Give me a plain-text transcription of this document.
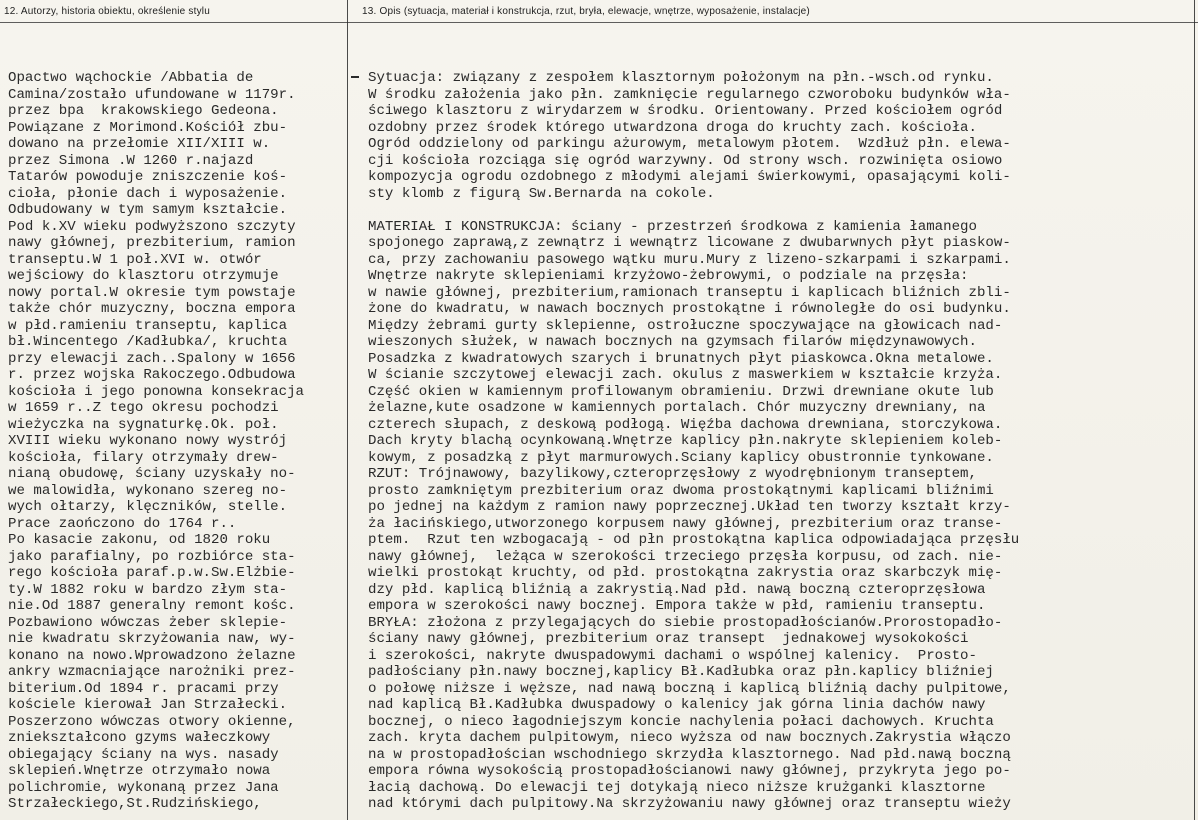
12. Autorzy, historia obiektu, określenie stylu	13. Opis (sytuacja, materiał i konstrukcja, rzut, bryła, elewacje, wnętrze, wyposażenie, instalacje)
Opactwo wąchockie /Abbatia de
Camina/zostało ufundowane w 1179r.
przez bpa  krakowskiego Gedeona.
Powiązane z Morimond.Kościół zbu-
dowano na przełomie XII/XIII w.
przez Simona .W 1260 r.najazd
Tatarów powoduje zniszczenie koś-
cioła, płonie dach i wyposażenie.
Odbudowany w tym samym kształcie.
Pod k.XV wieku podwyższono szczyty
nawy głównej, prezbiterium, ramion
transeptu.W 1 poł.XVI w. otwór
wejściowy do klasztoru otrzymuje
nowy portal.W okresie tym powstaje
także chór muzyczny, boczna empora
w płd.ramieniu transeptu, kaplica
bł.Wincentego /Kadłubka/, kruchta
przy elewacji zach..Spalony w 1656
r. przez wojska Rakoczego.Odbudowa
kościoła i jego ponowna konsekracja
w 1659 r..Z tego okresu pochodzi
wieżyczka na sygnaturkę.Ok. poł.
XVIII wieku wykonano nowy wystrój
kościoła, filary otrzymały drew-
nianą obudowę, ściany uzyskały no-
we malowidła, wykonano szereg no-
wych ołtarzy, klęczników, stelle.
Prace zaończono do 1764 r..
Po kasacie zakonu, od 1820 roku
jako parafialny, po rozbiórce sta-
rego kościoła paraf.p.w.Sw.Elżbie-
ty.W 1882 roku w bardzo złym sta-
nie.Od 1887 generalny remont kośc.
Pozbawiono wówczas żeber sklepie-
nie kwadratu skrzyżowania naw, wy-
konano na nowo.Wprowadzono żelazne
ankry wzmacniające narożniki prez-
biterium.Od 1894 r. pracami przy
kościele kierował Jan Strzałecki.
Poszerzono wówczas otwory okienne,
zniekształcono gzyms wałeczkowy
obiegający ściany na wys. nasady
sklepień.Wnętrze otrzymało nowa
polichromie, wykonaną przez Jana
Strzałeckiego,St.Rudzińskiego,
Sytuacja: związany z zespołem klasztornym położonym na płn.-wsch.od rynku.
W środku założenia jako płn. zamknięcie regularnego czworoboku budynków wła-
ściwego klasztoru z wirydarzem w środku. Orientowany. Przed kościołem ogród
ozdobny przez środek którego utwardzona droga do kruchty zach. kościoła.
Ogród oddzielony od parkingu ażurowym, metalowym płotem.  Wzdłuż płn. elewa-
cji kościoła rozciąga się ogród warzywny. Od strony wsch. rozwinięta osiowo
kompozycja ogrodu ozdobnego z młodymi alejami świerkowymi, opasającymi koli-
sty klomb z figurą Sw.Bernarda na cokole.

MATERIAŁ I KONSTRUKCJA: ściany - przestrzeń środkowa z kamienia łamanego
spojonego zaprawą,z zewnątrz i wewnątrz licowane z dwubarwnych płyt piaskow-
ca, przy zachowaniu pasowego wątku muru.Mury z lizeno-szkarpami i szkarpami.
Wnętrze nakryte sklepieniami krzyżowo-żebrowymi, o podziale na przęsła:
w nawie głównej, prezbiterium,ramionach transeptu i kaplicach bliźnich zbli-
żone do kwadratu, w nawach bocznych prostokątne i równoległe do osi budynku.
Między żebrami gurty sklepienne, ostrołuczne spoczywające na głowicach nad-
wieszonych służek, w nawach bocznych na gzymsach filarów międzynawowych.
Posadzka z kwadratowych szarych i brunatnych płyt piaskowca.Okna metalowe.
W ścianie szczytowej elewacji zach. okulus z maswerkiem w kształcie krzyża.
Część okien w kamiennym profilowanym obramieniu. Drzwi drewniane okute lub
żelazne,kute osadzone w kamiennych portalach. Chór muzyczny drewniany, na
czterech słupach, z deskową podłogą. Więźba dachowa drewniana, storczykowa.
Dach kryty blachą ocynkowaną.Wnętrze kaplicy płn.nakryte sklepieniem koleb-
kowym, z posadzką z płyt marmurowych.Sciany kaplicy obustronnie tynkowane.
RZUT: Trójnawowy, bazylikowy,czteroprzęsłowy z wyodrębnionym transeptem,
prosto zamkniętym prezbiterium oraz dwoma prostokątnymi kaplicami bliźnimi
po jednej na każdym z ramion nawy poprzecznej.Układ ten tworzy kształt krzy-
ża łacińskiego,utworzonego korpusem nawy głównej, prezbiterium oraz transe-
ptem.  Rzut ten wzbogacają - od płn prostokątna kaplica odpowiadająca przęsłu
nawy głównej,  leżąca w szerokości trzeciego przęsła korpusu, od zach. nie-
wielki prostokąt kruchty, od płd. prostokątna zakrystia oraz skarbczyk mię-
dzy płd. kaplicą bliźnią a zakrystią.Nad płd. nawą boczną czteroprzęsłowa
empora w szerokości nawy bocznej. Empora także w płd, ramieniu transeptu.
BRYŁA: złożona z przylegających do siebie prostopadłościanów.Prorostopadło-
ściany nawy głównej, prezbiterium oraz transept  jednakowej wysokokości
i szerokości, nakryte dwuspadowymi dachami o wspólnej kalenicy.  Prosto-
padłościany płn.nawy bocznej,kaplicy Bł.Kadłubka oraz płn.kaplicy bliźniej
o połowę niższe i węższe, nad nawą boczną i kaplicą bliźnią dachy pulpitowe,
nad kaplicą Bł.Kadłubka dwuspadowy o kalenicy jak górna linia dachów nawy
bocznej, o nieco łagodniejszym koncie nachylenia połaci dachowych. Kruchta
zach. kryta dachem pulpitowym, nieco wyższa od naw bocznych.Zakrystia włączo
na w prostopadłościan wschodniego skrzydła klasztornego. Nad płd.nawą boczną
empora równa wysokością prostopadłościanowi nawy głównej, przykryta jego po-
łacią dachową. Do elewacji tej dotykają nieco niższe krużganki klasztorne
nad którymi dach pulpitowy.Na skrzyżowaniu nawy głównej oraz transeptu wieży
